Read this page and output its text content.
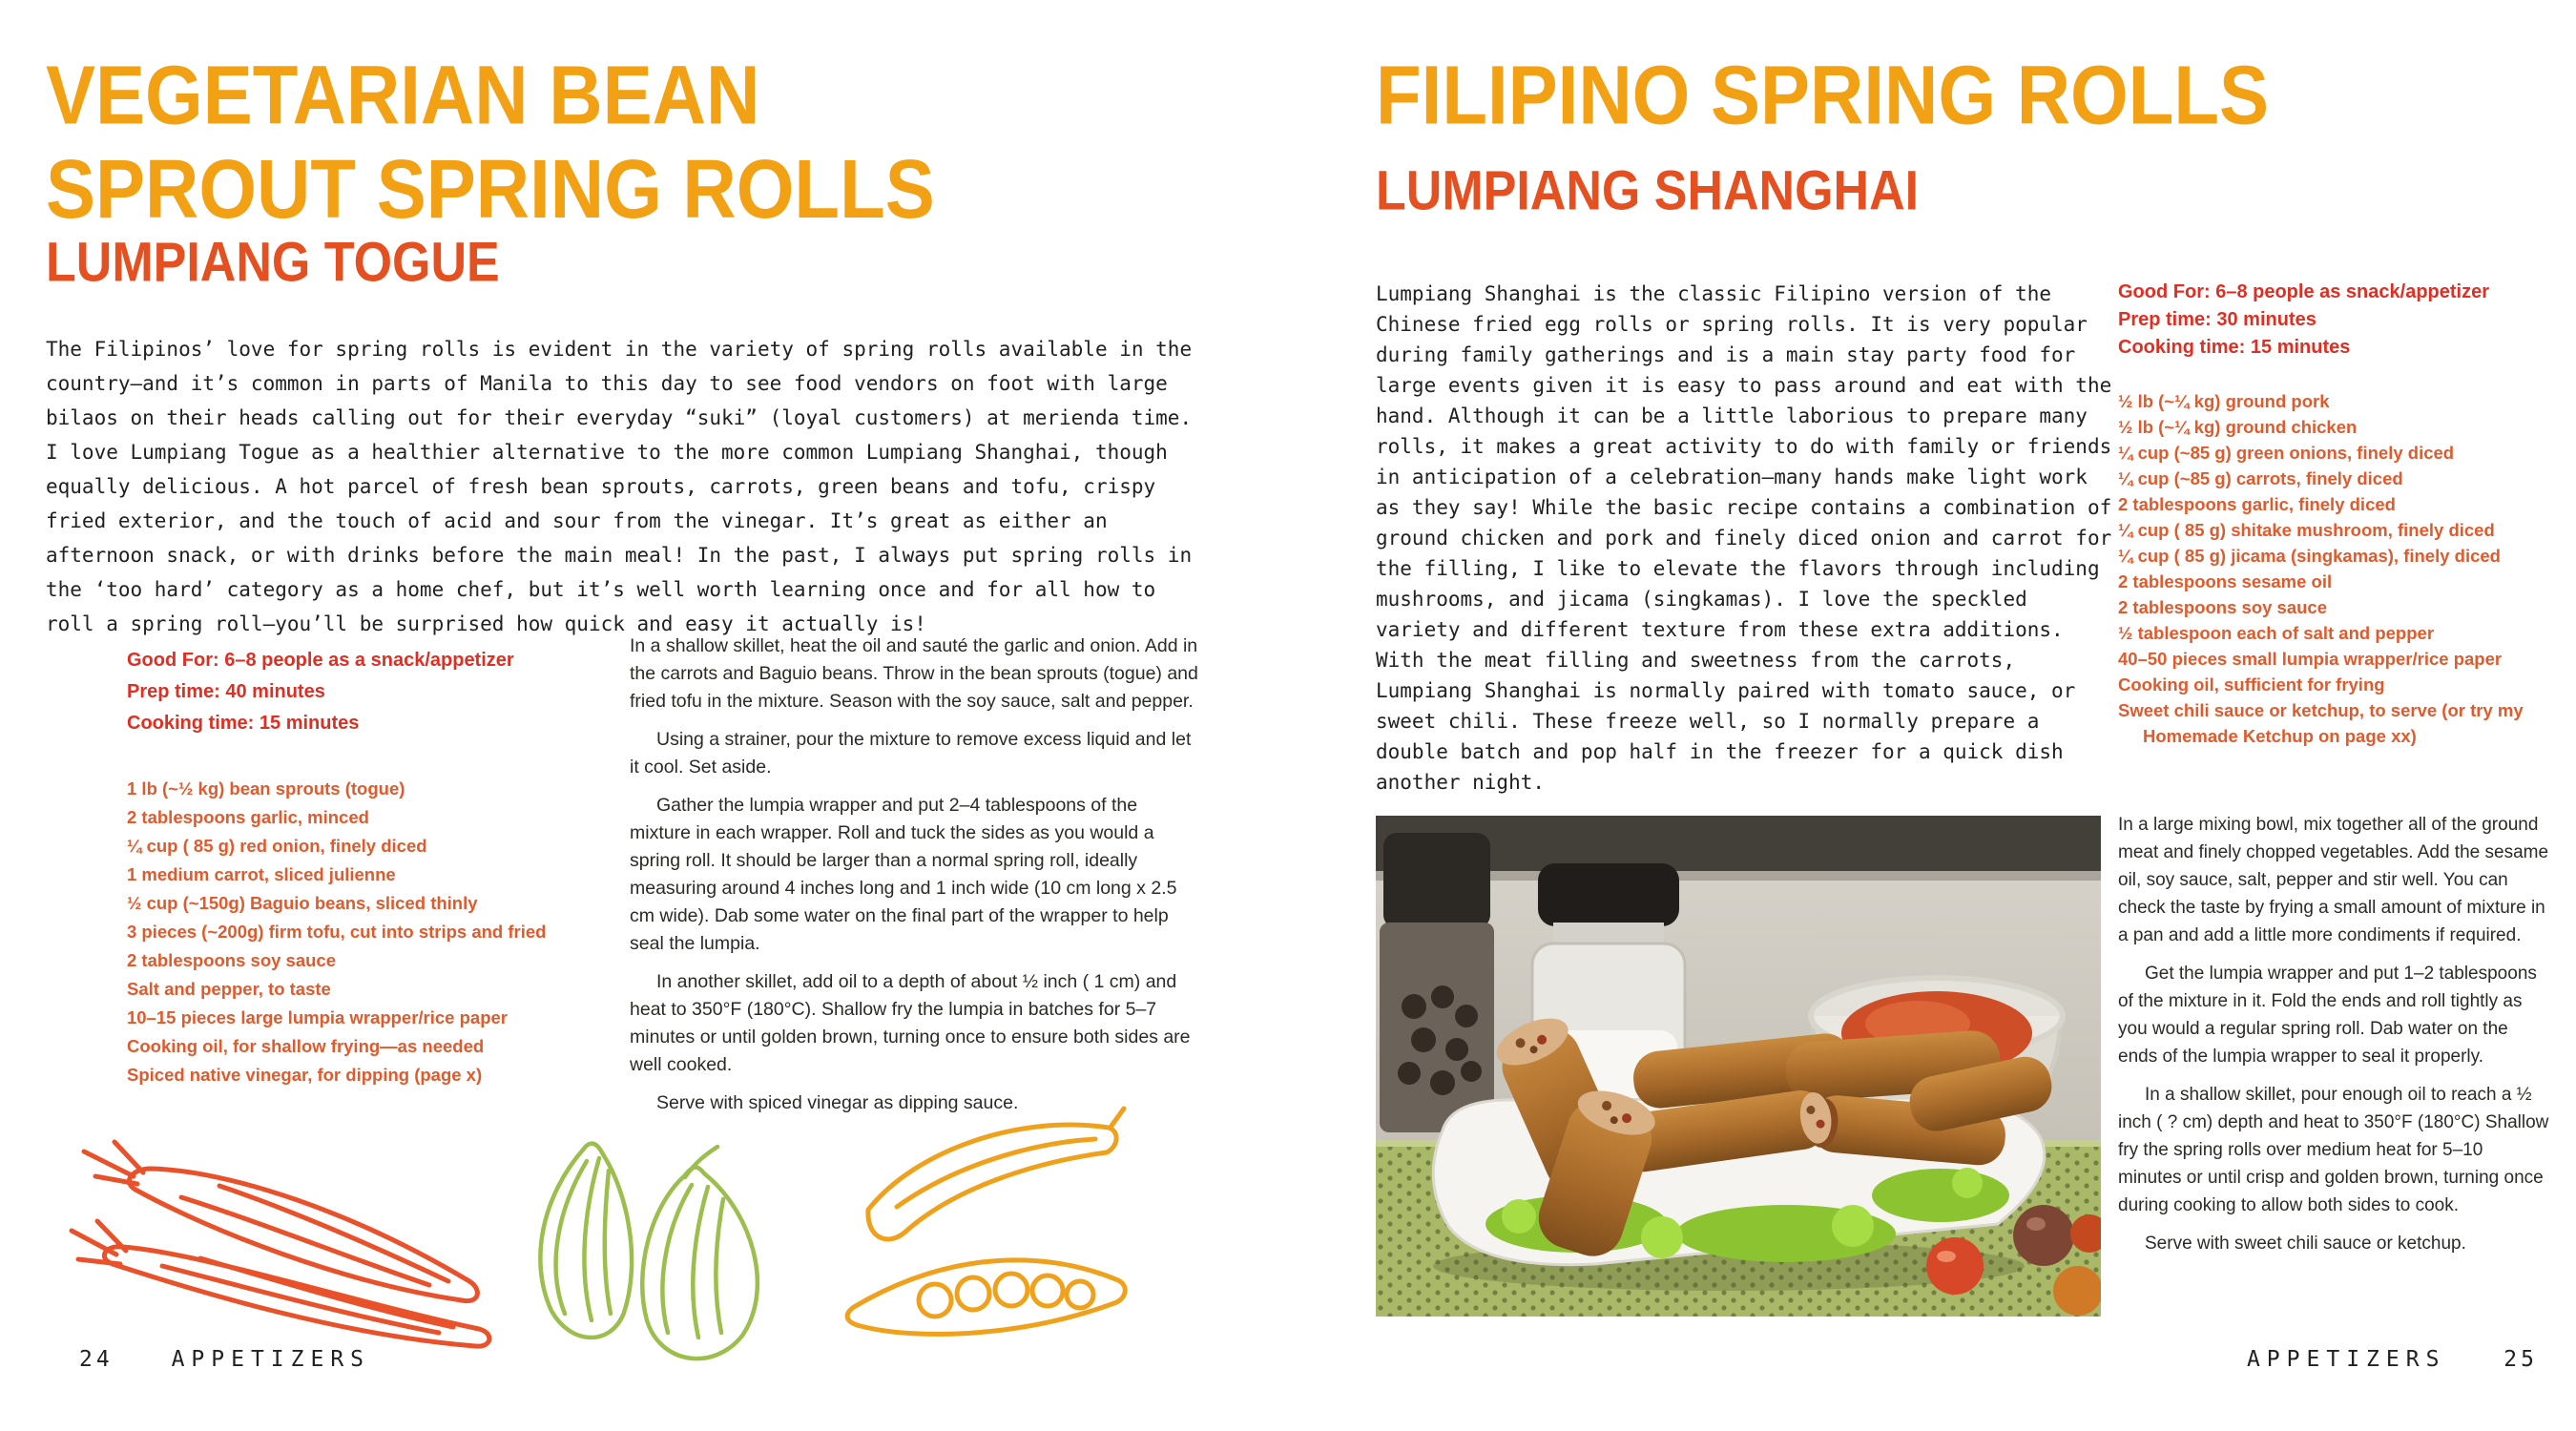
VEGETARIAN BEAN
SPROUT SPRING ROLLS
LUMPIANG TOGUE
The Filipinos’ love for spring rolls is evident in the variety of spring rolls available in the country—and it’s common in parts of Manila to this day to see food vendors on foot with large bilaos on their heads calling out for their everyday “suki” (loyal customers) at merienda time. I love Lumpiang Togue as a healthier alternative to the more common Lumpiang Shanghai, though equally delicious. A hot parcel of fresh bean sprouts, carrots, green beans and tofu, crispy fried exterior, and the touch of acid and sour from the vinegar. It’s great as either an afternoon snack, or with drinks before the main meal! In the past, I always put spring rolls in the ‘too hard’ category as a home chef, but it’s well worth learning once and for all how to roll a spring roll—you’ll be surprised how quick and easy it actually is!
Good For: 6–8 people as a snack/appetizer
Prep time: 40 minutes
Cooking time: 15 minutes
1 lb (~½ kg) bean sprouts (togue)
2 tablespoons garlic, minced
¼ cup ( 85 g) red onion, finely diced
1 medium carrot, sliced julienne
½ cup (~150g) Baguio beans, sliced thinly
3 pieces (~200g) firm tofu, cut into strips and fried
2 tablespoons soy sauce
Salt and pepper, to taste
10–15 pieces large lumpia wrapper/rice paper
Cooking oil, for shallow frying—as needed
Spiced native vinegar, for dipping (page x)

In a shallow skillet, heat the oil and sauté the garlic and onion. Add in the carrots and Baguio beans. Throw in the bean sprouts (togue) and fried tofu in the mixture. Season with the soy sauce, salt and pepper.

Using a strainer, pour the mixture to remove excess liquid and let it cool. Set aside.

Gather the lumpia wrapper and put 2–4 tablespoons of the mixture in each wrapper. Roll and tuck the sides as you would a spring roll. It should be larger than a normal spring roll, ideally measuring around 4 inches long and 1 inch wide (10 cm long x 2.5 cm wide). Dab some water on the final part of the wrapper to help seal the lumpia.

In another skillet, add oil to a depth of about ½ inch ( 1 cm) and heat to 350°F (180°C). Shallow fry the lumpia in batches for 5–7 minutes or until golden brown, turning once to ensure both sides are well cooked.

Serve with spiced vinegar as dipping sauce.

24	APPETIZERS
FILIPINO SPRING ROLLS
LUMPIANG SHANGHAI
Lumpiang Shanghai is the classic Filipino version of the Chinese fried egg rolls or spring rolls. It is very popular during family gatherings and is a main stay party food for large events given it is easy to pass around and eat with the hand. Although it can be a little laborious to prepare many rolls, it makes a great activity to do with family or friends in anticipation of a celebration—many hands make light work as they say! While the basic recipe contains a combination of ground chicken and pork and finely diced onion and carrot for the filling, I like to elevate the flavors through including mushrooms, and jicama (singkamas). I love the speckled variety and different texture from these extra additions. With the meat filling and sweetness from the carrots, Lumpiang Shanghai is normally paired with tomato sauce, or sweet chili. These freeze well, so I normally prepare a double batch and pop half in the freezer for a quick dish another night.
Good For: 6–8 people as snack/appetizer
Prep time: 30 minutes
Cooking time: 15 minutes
½ lb (~¼ kg) ground pork
½ lb (~¼ kg) ground chicken
¼ cup (~85 g) green onions, finely diced
¼ cup (~85 g) carrots, finely diced
2 tablespoons garlic, finely diced
¼ cup ( 85 g) shitake mushroom, finely diced
¼ cup ( 85 g) jicama (singkamas), finely diced
2 tablespoons sesame oil
2 tablespoons soy sauce
½ tablespoon each of salt and pepper
40–50 pieces small lumpia wrapper/rice paper
Cooking oil, sufficient for frying
Sweet chili sauce or ketchup, to serve (or try my Homemade Ketchup on page xx)

In a large mixing bowl, mix together all of the ground meat and finely chopped vegetables. Add the sesame oil, soy sauce, salt, pepper and stir well. You can check the taste by frying a small amount of mixture in a pan and add a little more condiments if required.

Get the lumpia wrapper and put 1–2 tablespoons of the mixture in it. Fold the ends and roll tightly as you would a regular spring roll. Dab water on the ends of the lumpia wrapper to seal it properly.

In a shallow skillet, pour enough oil to reach a ½ inch ( ? cm) depth and heat to 350°F (180°C) Shallow fry the spring rolls over medium heat for 5–10 minutes or until crisp and golden brown, turning once during cooking to allow both sides to cook.

Serve with sweet chili sauce or ketchup.

APPETIZERS	25
